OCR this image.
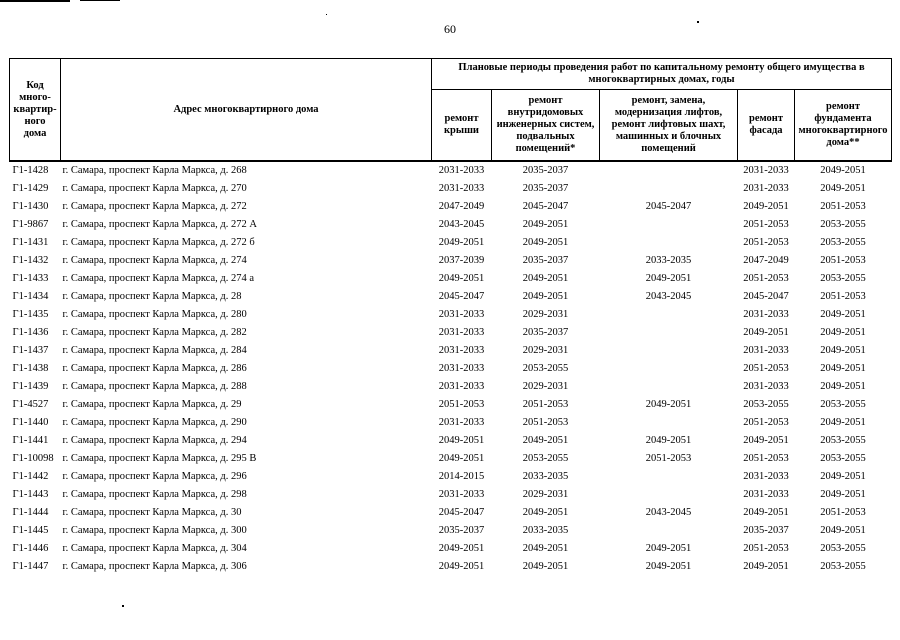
60
Код много-квартир-ного дома	Адрес многоквартирного дома	Плановые периоды проведения работ по капитальному ремонту общего имущества в многоквартирных домах, годы				
		ремонт крыши	ремонт внутридомовых инженерных систем, подвальных помещений*	ремонт, замена, модернизация лифтов, ремонт лифтовых шахт, машинных и блочных помещений	ремонт фасада	ремонт фундамента многоквартирного дома**
Г1-1428	г. Самара, проспект Карла Маркса, д. 268	2031-2033	2035-2037		2031-2033	2049-2051
Г1-1429	г. Самара, проспект Карла Маркса, д. 270	2031-2033	2035-2037		2031-2033	2049-2051
Г1-1430	г. Самара, проспект Карла Маркса, д. 272	2047-2049	2045-2047	2045-2047	2049-2051	2051-2053
Г1-9867	г. Самара, проспект Карла Маркса, д. 272 А	2043-2045	2049-2051		2051-2053	2053-2055
Г1-1431	г. Самара, проспект Карла Маркса, д. 272 б	2049-2051	2049-2051		2051-2053	2053-2055
Г1-1432	г. Самара, проспект Карла Маркса, д. 274	2037-2039	2035-2037	2033-2035	2047-2049	2051-2053
Г1-1433	г. Самара, проспект Карла Маркса, д. 274 а	2049-2051	2049-2051	2049-2051	2051-2053	2053-2055
Г1-1434	г. Самара, проспект Карла Маркса, д. 28	2045-2047	2049-2051	2043-2045	2045-2047	2051-2053
Г1-1435	г. Самара, проспект Карла Маркса, д. 280	2031-2033	2029-2031		2031-2033	2049-2051
Г1-1436	г. Самара, проспект Карла Маркса, д. 282	2031-2033	2035-2037		2049-2051	2049-2051
Г1-1437	г. Самара, проспект Карла Маркса, д. 284	2031-2033	2029-2031		2031-2033	2049-2051
Г1-1438	г. Самара, проспект Карла Маркса, д. 286	2031-2033	2053-2055		2051-2053	2049-2051
Г1-1439	г. Самара, проспект Карла Маркса, д. 288	2031-2033	2029-2031		2031-2033	2049-2051
Г1-4527	г. Самара, проспект Карла Маркса, д. 29	2051-2053	2051-2053	2049-2051	2053-2055	2053-2055
Г1-1440	г. Самара, проспект Карла Маркса, д. 290	2031-2033	2051-2053		2051-2053	2049-2051
Г1-1441	г. Самара, проспект Карла Маркса, д. 294	2049-2051	2049-2051	2049-2051	2049-2051	2053-2055
Г1-10098	г. Самара, проспект Карла Маркса, д. 295 В	2049-2051	2053-2055	2051-2053	2051-2053	2053-2055
Г1-1442	г. Самара, проспект Карла Маркса, д. 296	2014-2015	2033-2035		2031-2033	2049-2051
Г1-1443	г. Самара, проспект Карла Маркса, д. 298	2031-2033	2029-2031		2031-2033	2049-2051
Г1-1444	г. Самара, проспект Карла Маркса, д. 30	2045-2047	2049-2051	2043-2045	2049-2051	2051-2053
Г1-1445	г. Самара, проспект Карла Маркса, д. 300	2035-2037	2033-2035		2035-2037	2049-2051
Г1-1446	г. Самара, проспект Карла Маркса, д. 304	2049-2051	2049-2051	2049-2051	2051-2053	2053-2055
Г1-1447	г. Самара, проспект Карла Маркса, д. 306	2049-2051	2049-2051	2049-2051	2049-2051	2053-2055
